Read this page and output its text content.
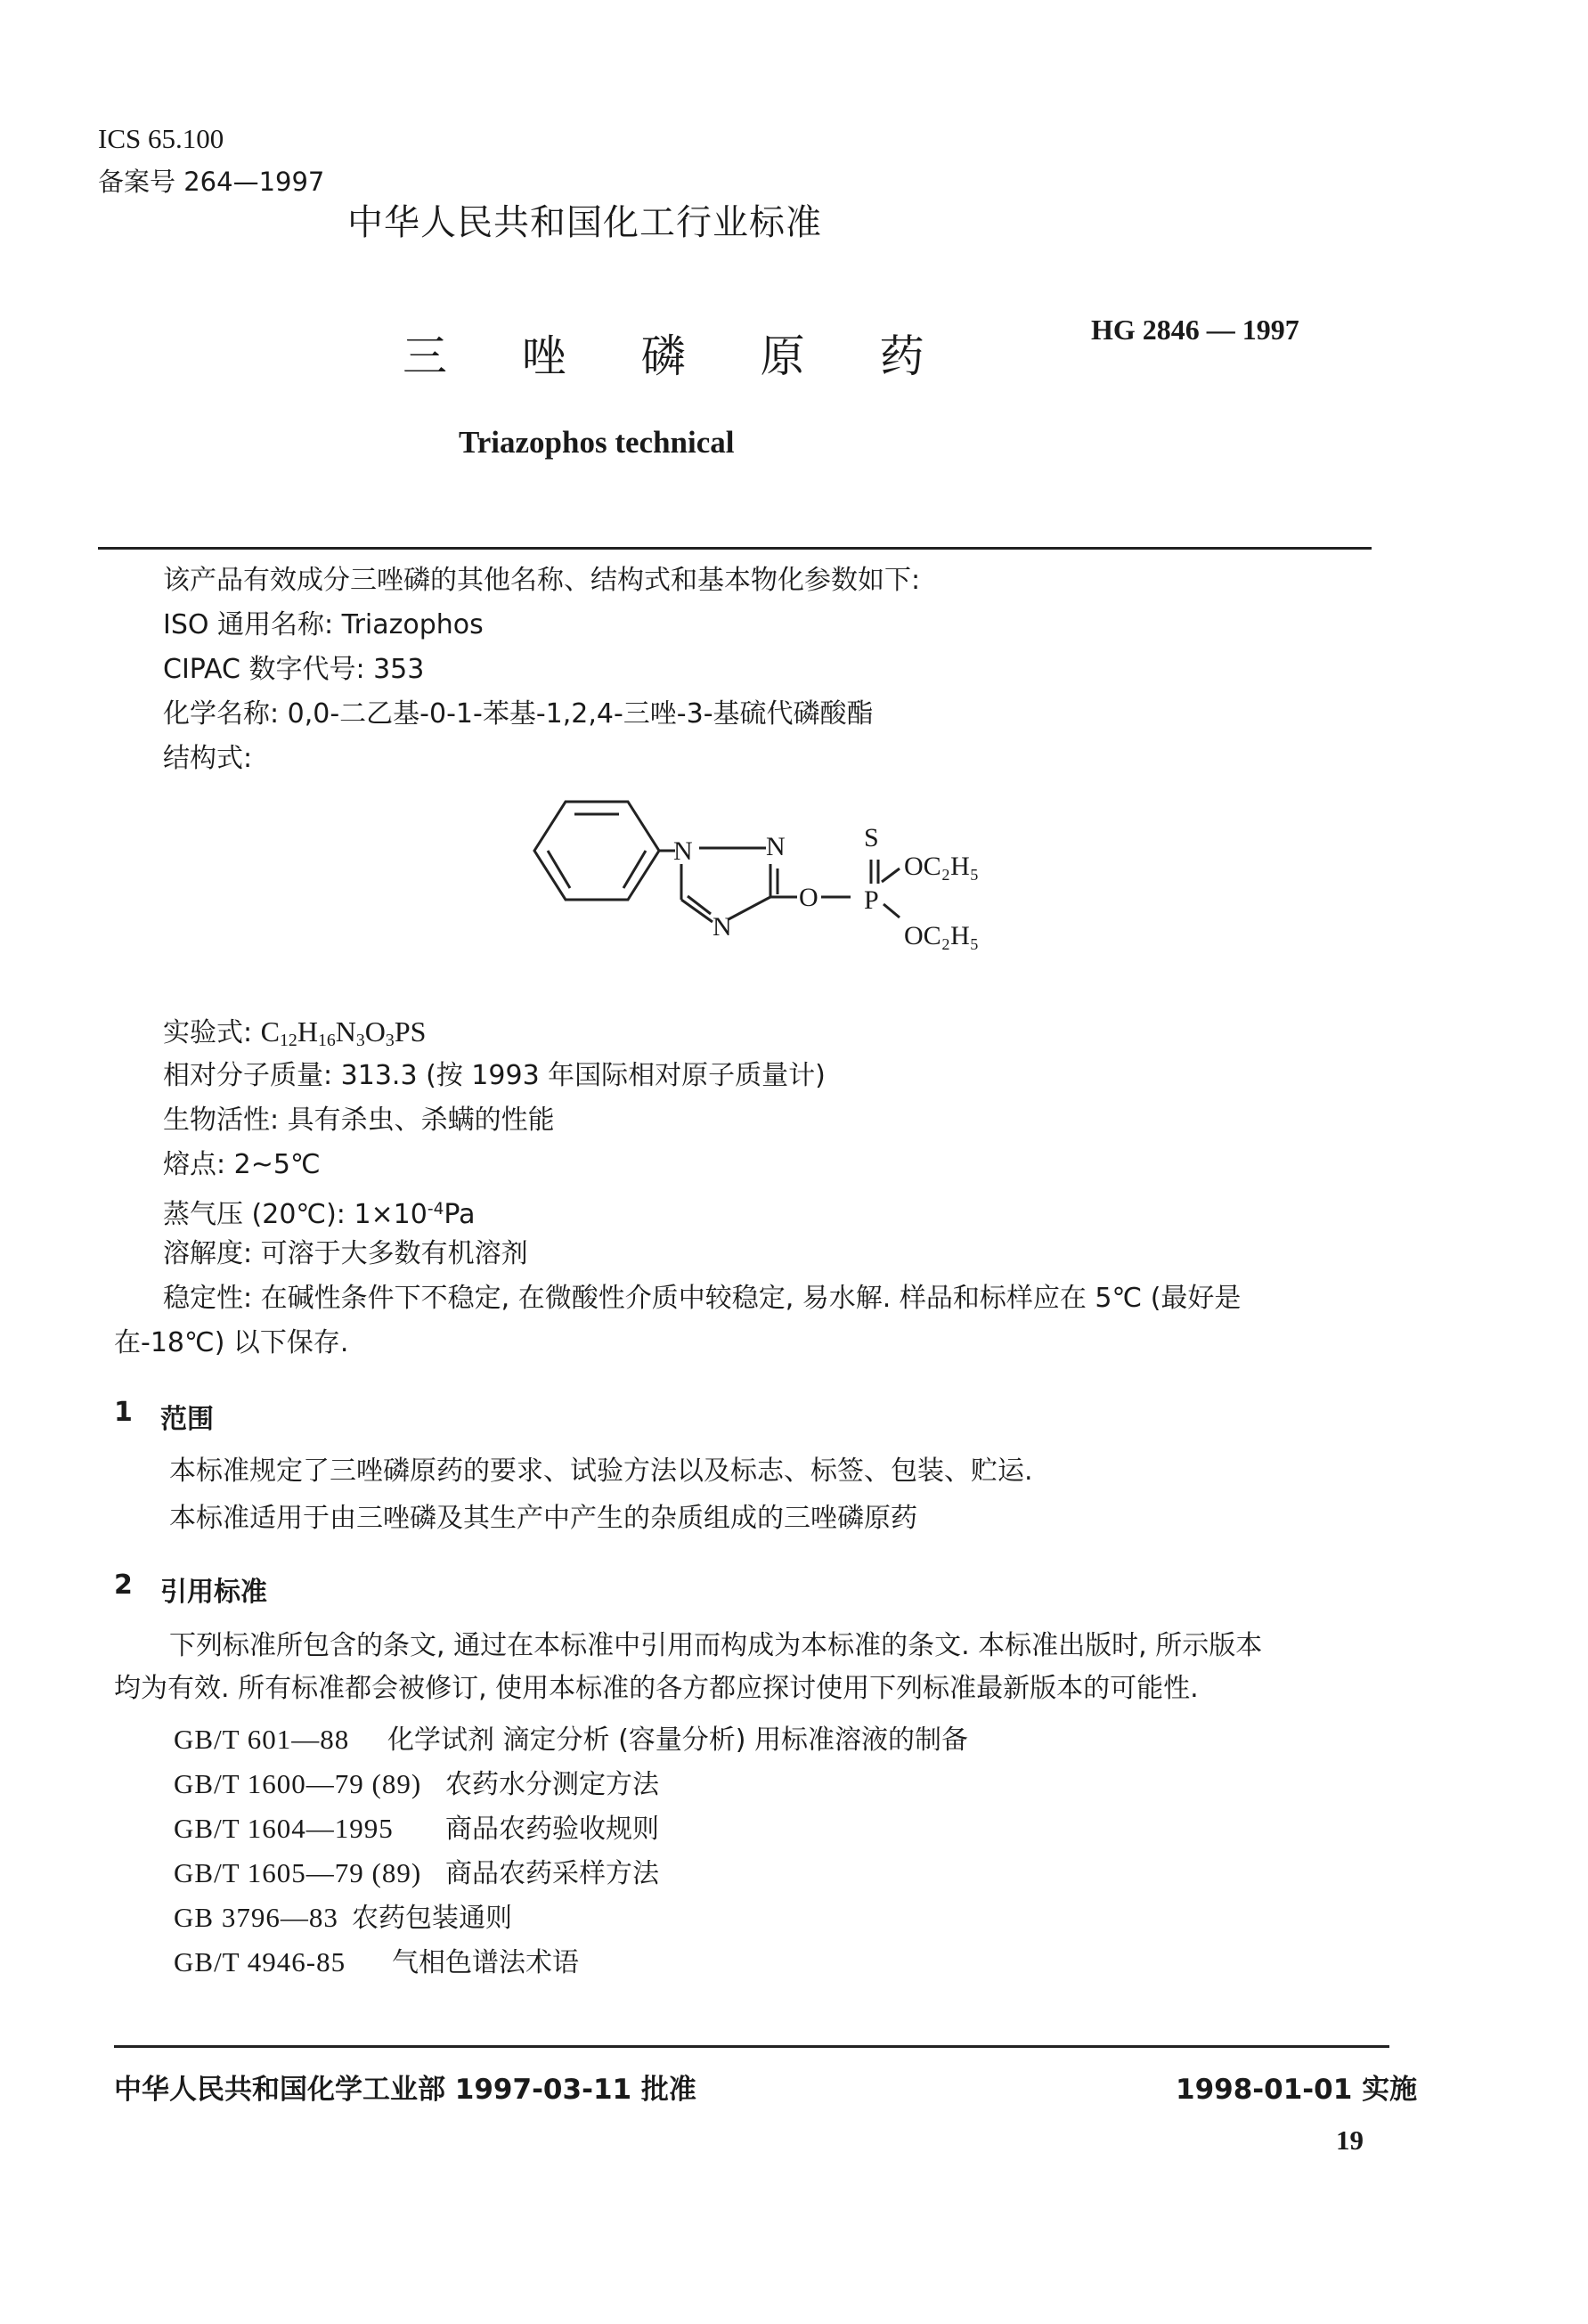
ICS 65.100
备案号 264—1997
中华人民共和国化工行业标准
三 唑 磷 原 药
HG 2846 — 1997
Triazophos technical
该产品有效成分三唑磷的其他名称、结构式和基本物化参数如下:
ISO 通用名称: Triazophos
CIPAC 数字代号: 353
化学名称: 0,0-二乙基-0-1-苯基-1,2,4-三唑-3-基硫代磷酸酯
结构式:
N	N
N
O P
S
OC₂H₅
OC₂H₅
实验式: $C_{12}H_{16}N_3O_3PS$
相对分子质量: 313.3 (按 1993 年国际相对原子质量计)
生物活性: 具有杀虫、杀螨的性能
熔点: 2~5℃
蒸气压 (20℃): $1\times 10^{-4}Pa$
溶解度: 可溶于大多数有机溶剂
稳定性: 在碱性条件下不稳定, 在微酸性介质中较稳定, 易水解. 样品和标样应在 5℃ (最好是
在-18℃) 以下保存.
1 范围
本标准规定了三唑磷原药的要求、试验方法以及标志、标签、包装、贮运.
本标准适用于由三唑磷及其生产中产生的杂质组成的三唑磷原药
2 引用标准
下列标准所包含的条文, 通过在本标准中引用而构成为本标准的条文. 本标准出版时, 所示版本
均为有效. 所有标准都会被修订, 使用本标准的各方都应探讨使用下列标准最新版本的可能性.
GB/T 601—88 化学试剂 滴定分析 (容量分析) 用标准溶液的制备
GB/T 1600—79 (89) 农药水分测定方法
GB/T 1604—1995 商品农药验收规则
GB/T 1605—79 (89) 商品农药采样方法
GB 3796—83 农药包装通则
GB/T 4946-85 气相色谱法术语
中华人民共和国化学工业部 1997-03-11 批准	1998-01-01 实施
19
